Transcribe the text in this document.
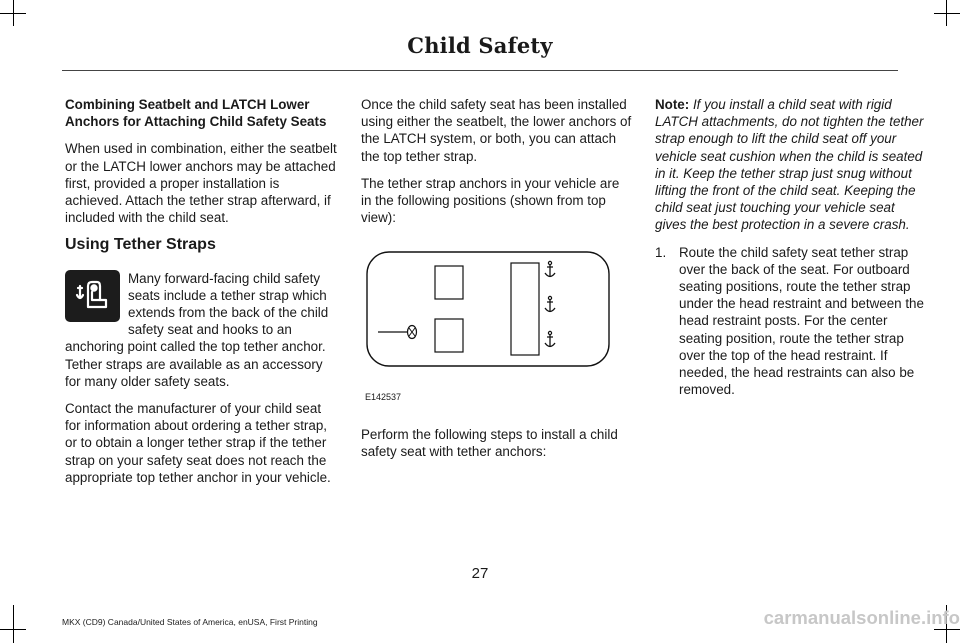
Child Safety

Combining Seatbelt and LATCH Lower Anchors for Attaching Child Safety Seats

When used in combination, either the seatbelt or the LATCH lower anchors may be attached first, provided a proper installation is achieved. Attach the tether strap afterward, if included with the child seat.

Using Tether Straps

Many forward-facing child safety seats include a tether strap which extends from the back of the child safety seat and hooks to an anchoring point called the top tether anchor. Tether straps are available as an accessory for many older safety seats.

Contact the manufacturer of your child seat for information about ordering a tether strap, or to obtain a longer tether strap if the tether strap on your safety seat does not reach the appropriate top tether anchor in your vehicle.

Once the child safety seat has been installed using either the seatbelt, the lower anchors of the LATCH system, or both, you can attach the top tether strap.

The tether strap anchors in your vehicle are in the following positions (shown from top view):

E142537

Perform the following steps to install a child safety seat with tether anchors:

Note: If you install a child seat with rigid LATCH attachments, do not tighten the tether strap enough to lift the child seat off your vehicle seat cushion when the child is seated in it. Keep the tether strap just snug without lifting the front of the child seat. Keeping the child seat just touching your vehicle seat gives the best protection in a severe crash.

1. Route the child safety seat tether strap over the back of the seat. For outboard seating positions, route the tether strap under the head restraint and between the head restraint posts. For the center seating position, route the tether strap over the top of the head restraint. If needed, the head restraints can also be removed.
27
MKX (CD9) Canada/United States of America, enUSA, First Printing	carmanualsonline.info
